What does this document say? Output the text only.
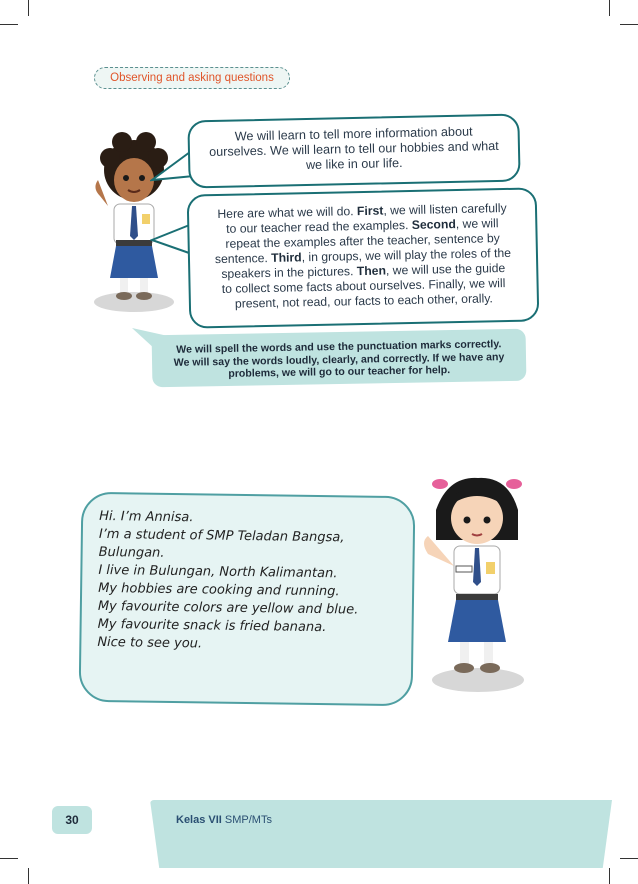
Observing and asking questions
We will learn to tell more information about
ourselves. We will learn to tell our hobbies and what
we like in our life.
Here are what we will do. First, we will listen carefully
to our teacher read the examples. Second, we will
repeat the examples after the teacher, sentence by
sentence. Third, in groups, we will play the roles of the
speakers in the pictures. Then, we will use the guide
to collect some facts about ourselves. Finally, we will
present, not read, our facts to each other, orally.
We will spell the words and use the punctuation marks correctly.
We will say the words loudly, clearly, and correctly. If we have any
problems, we will go to our teacher for help.
Hi. I’m Annisa.
I’m a student of SMP Teladan Bangsa,
Bulungan.
I live in Bulungan, North Kalimantan.
My hobbies are cooking and running.
My favourite colors are yellow and blue.
My favourite snack is fried banana.
Nice to see you.
30	Kelas VII SMP/MTs
